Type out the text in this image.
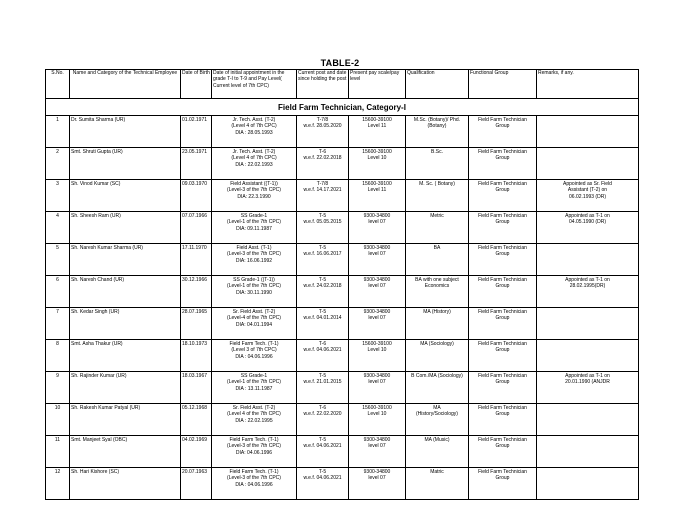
TABLE-2
S.No.	Name and Category of the Technical Employee	Date of Birth	Date of initial appointment in the grade T-I to T-9 and Pay Level( Current level of 7th CPC)	Current post and date since holding the post	Present pay scale/pay level	Qualification	Functional Group	Remarks, if any.
Field Farm Technician, Category-I								
1	Dr. Sumita Sharma (UR)	01.02.1971	Jr. Tech. Asst. (T-2)
(Level 4 of 7th CPC)
DIA : 28.05.1993	T-7/8
w.e.f. 28.05.2020	15600-39100
Level 11	M.Sc. (Botany)/ Phd.
(Botany)	Field Farm Technician
Group	

2	Smt. Shruti Gupta (UR)	23.05.1971	Jr. Tech. Asst. (T-2)
(Level 4 of 7th CPC)
DIA : 22.02.1993	T-6
w.e.f. 22.02.2018	15600-39100
Level 10	B.Sc.	Field Farm Technician
Group	

3	Sh. Vinod Kumar (SC)	09.03.1970	Field Assistant ((T-1))
(Level-3 of the 7th CPC)
DIA: 22.3.1990	T-7/8
w.e.f. 14.17.2021	15600-39100
Level 11	M. Sc. ( Botany)	Field Farm Technician
Group	Appointed as Sr. Field
Assistant (T-2) on
06.02.1993 (DR)

4	Sh. Sheesh Ram (UR)	07.07.1966	SS Grade-1
(Level-1 of the 7th CPC)
DIA: 09.11.1987	T-5
w.e.f. 05.05.2015	9300-34800
level 07	Metric	Field Farm Technician
Group	Appointed as T-1 on
04.05.1990 (DR)

5	Sh. Naresh Kumar Sharma (UR)	17.11.1970	Field Asst. (T-1)
(Level-3 of the 7th CPC)
DIA: 16.06.1992	T-5
w.e.f. 16.06.2017	9300-34800
level 07	BA	Field Farm Technician
Group	

6	Sh. Naresh Chand (UR)	30.12.1966	SS Grade-1 ((T-1))
(Level-1 of the 7th CPC)
DIA: 30.11.1990	T-5
w.e.f. 24.02.2018	9300-34800
level 07	BA with one subject
Economics	Field Farm Technician
Group	Appointed as T-1 on
28.02.1995(DR)

7	Sh. Kedar Singh (UR)	28.07.1965	Sr. Field Asst. (T-2)
(Level-4 of the 7th CPC)
DIA: 04.01.1994	T-5
w.e.f. 04.01.2014	9300-34800
level 07	MA (History)	Field Farm Technician
Group	

8	Smt. Asha Thakur (UR)	18.10.1973	Field Farm Tech. (T-1)
(Level 3 of 7th CPC)
DIA : 04.06.1996	T-6
w.e.f. 04.06.2021	15600-39100
Level 10	MA (Sociology)	Field Farm Technician
Group	

9	Sh. Rajinder Kumar (UR)	18.03.1967	SS Grade-1
(Level-1 of the 7th CPC)
DIA : 13.11.1987	T-5
w.e.f. 21.01.2015	9300-34800
level 07	B Com./MA (Sociology)	Field Farm Technician
Group	Appointed as T-1 on
20.01.1990 (ANJDR

10	Sh. Rakesh Kumar Patyal (UR)	05.12.1968	Sr. Field Asst. (T-2)
(Level 4 of the 7th CPC)
DIA : 22.02.1995	T-6
w.e.f. 22.02.2020	15600-39100
Level 10	MA
(History/Sociology)	Field Farm Technician
Group	

11	Smt. Manjeet Syal (OBC)	04.02.1969	Field Farm Tech. (T-1)
(Level-3 of the 7th CPC)
DIA: 04.06.1996	T-5
w.e.f. 04.06.2021	9300-34800
level 07	MA (Music)	Field Farm Technician
Group	

12	Sh. Hari Kishore (SC)	20.07.1963	Field Farm Tech. (T-1)
(Level-3 of the 7th CPC)
DIA : 04.06.1996	T-5
w.e.f. 04.06.2021	9300-34800
level 07	Matric	Field Farm Technician
Group	
